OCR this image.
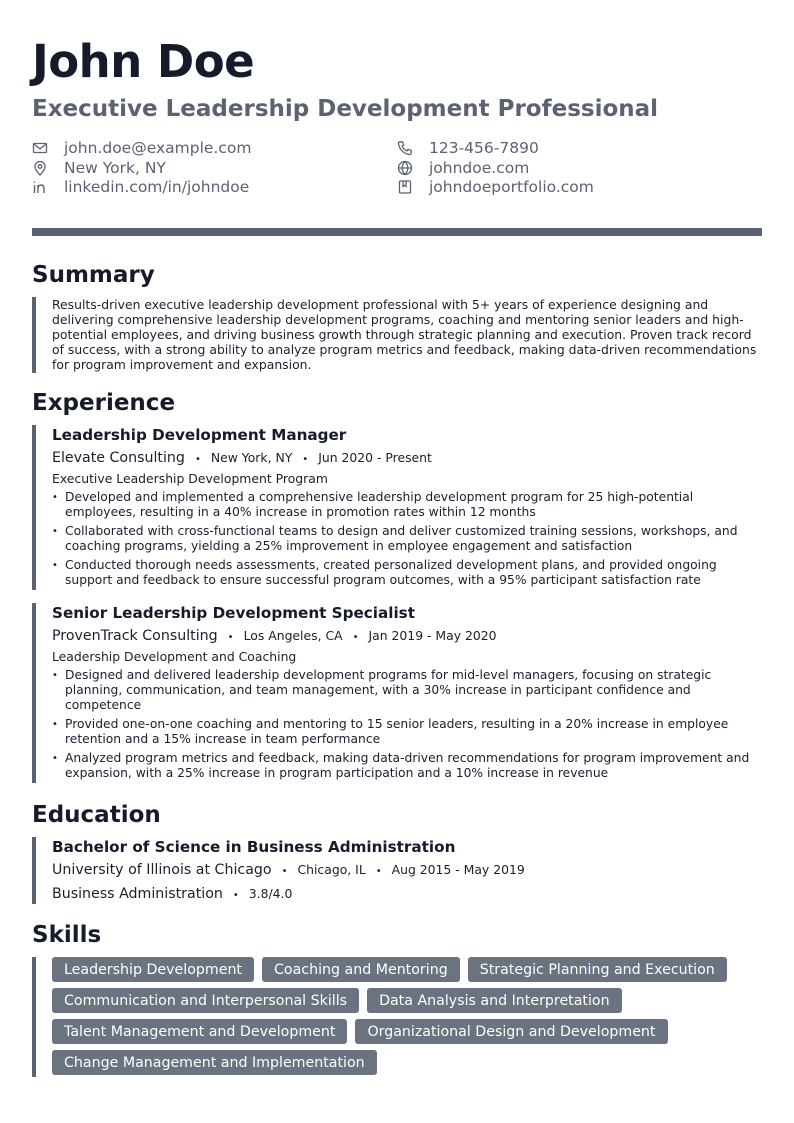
John Doe
Executive Leadership Development Professional
john.doe@example.com
New York, NY
linkedin.com/in/johndoe
123-456-7890
johndoe.com
johndoeportfolio.com
Summary

Results-driven executive leadership development professional with 5+ years of experience designing and delivering comprehensive leadership development programs, coaching and mentoring senior leaders and high-potential employees, and driving business growth through strategic planning and execution. Proven track record of success, with a strong ability to analyze program metrics and feedback, making data-driven recommendations for program improvement and expansion.

Experience
Leadership Development Manager
Elevate Consulting • New York, NY • Jun 2020 - Present
Executive Leadership Development Program
• Developed and implemented a comprehensive leadership development program for 25 high-potential employees, resulting in a 40% increase in promotion rates within 12 months
• Collaborated with cross-functional teams to design and deliver customized training sessions, workshops, and coaching programs, yielding a 25% improvement in employee engagement and satisfaction
• Conducted thorough needs assessments, created personalized development plans, and provided ongoing support and feedback to ensure successful program outcomes, with a 95% participant satisfaction rate
Senior Leadership Development Specialist
ProvenTrack Consulting • Los Angeles, CA • Jan 2019 - May 2020
Leadership Development and Coaching
• Designed and delivered leadership development programs for mid-level managers, focusing on strategic planning, communication, and team management, with a 30% increase in participant confidence and competence
• Provided one-on-one coaching and mentoring to 15 senior leaders, resulting in a 20% increase in employee retention and a 15% increase in team performance
• Analyzed program metrics and feedback, making data-driven recommendations for program improvement and expansion, with a 25% increase in program participation and a 10% increase in revenue
Education
Bachelor of Science in Business Administration
University of Illinois at Chicago • Chicago, IL • Aug 2015 - May 2019
Business Administration • 3.8/4.0
Skills
Leadership Development	Coaching and Mentoring	Strategic Planning and Execution
Communication and Interpersonal Skills	Data Analysis and Interpretation
Talent Management and Development	Organizational Design and Development
Change Management and Implementation
